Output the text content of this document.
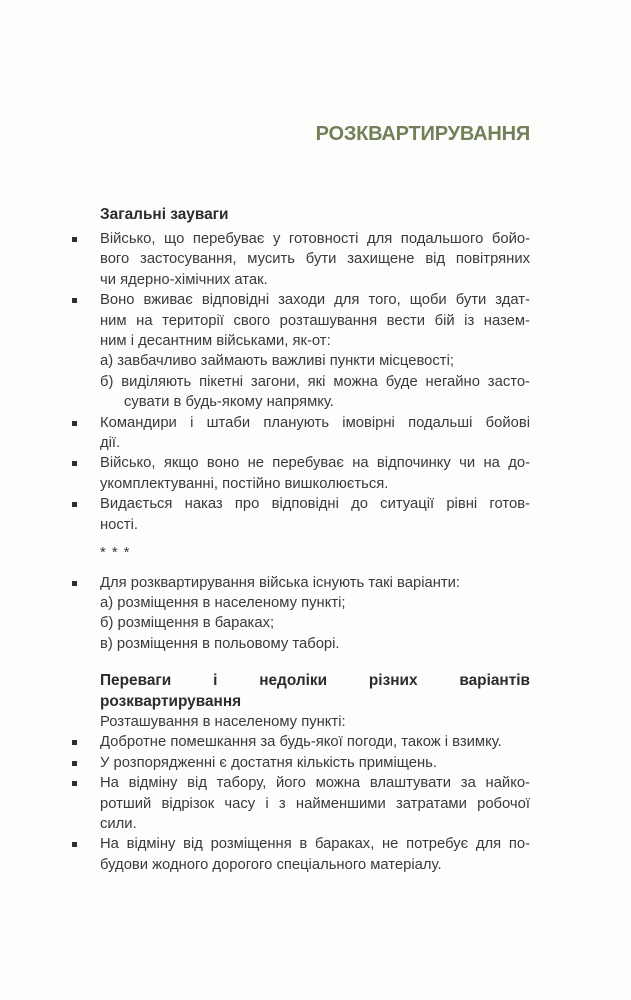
РОЗКВАРТИРУВАННЯ
Загальні зауваги
Військо, що перебуває у готовності для подальшого бойо-
вого застосування, мусить бути захищене від повітряних
чи ядерно-хімічних атак.
Воно вживає відповідні заходи для того, щоби бути здат-
ним на території свого розташування вести бій із назем-
ним і десантним військами, як-от:
а) завбачливо займають важливі пункти місцевості;
б) виділяють пікетні загони, які можна буде негайно засто-
сувати в будь-якому напрямку.
Командири і штаби планують імовірні подальші бойові
дії.
Військо, якщо воно не перебуває на відпочинку чи на до-
укомплектуванні, постійно вишколюється.
Видається наказ про відповідні до ситуації рівні готов-
ності.
* * *
Для розквартирування війська існують такі варіанти:
а) розміщення в населеному пункті;
б) розміщення в бараках;
в) розміщення в польовому таборі.
Переваги і недоліки різних варіантів
розквартирування
Розташування в населеному пункті:
Добротне помешкання за будь-якої погоди, також і взимку.
У розпорядженні є достатня кількість приміщень.
На відміну від табору, його можна влаштувати за найко-
ротший відрізок часу і з найменшими затратами робочої
сили.
На відміну від розміщення в бараках, не потребує для по-
будови жодного дорогого спеціального матеріалу.
